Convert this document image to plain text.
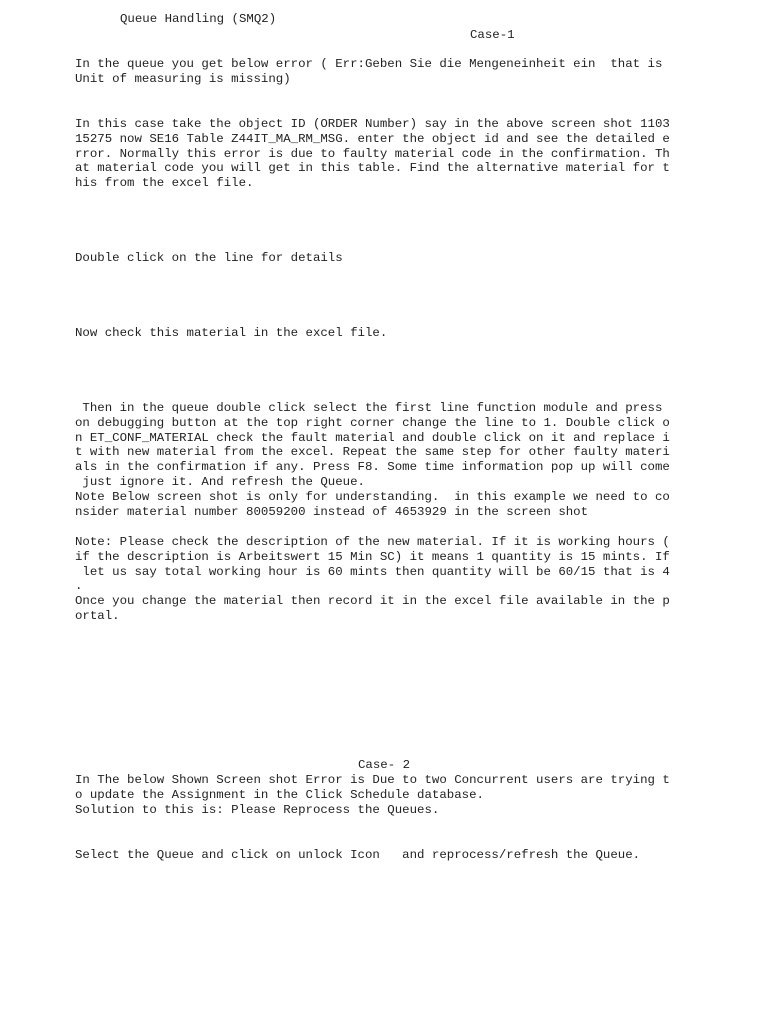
Queue Handling (SMQ2)
Case-1
In the queue you get below error ( Err:Geben Sie die Mengeneinheit ein  that is
Unit of measuring is missing)
In this case take the object ID (ORDER Number) say in the above screen shot 1103
15275 now SE16 Table Z44IT_MA_RM_MSG. enter the object id and see the detailed e
rror. Normally this error is due to faulty material code in the confirmation. Th
at material code you will get in this table. Find the alternative material for t
his from the excel file.
Double click on the line for details
Now check this material in the excel file.
Then in the queue double click select the first line function module and press
on debugging button at the top right corner change the line to 1. Double click o
n ET_CONF_MATERIAL check the fault material and double click on it and replace i
t with new material from the excel. Repeat the same step for other faulty materi
als in the confirmation if any. Press F8. Some time information pop up will come
just ignore it. And refresh the Queue.
Note Below screen shot is only for understanding.  in this example we need to co
nsider material number 80059200 instead of 4653929 in the screen shot
Note: Please check the description of the new material. If it is working hours (
if the description is Arbeitswert 15 Min SC) it means 1 quantity is 15 mints. If
let us say total working hour is 60 mints then quantity will be 60/15 that is 4
.
Once you change the material then record it in the excel file available in the p
ortal.
Case- 2
In The below Shown Screen shot Error is Due to two Concurrent users are trying t
o update the Assignment in the Click Schedule database.
Solution to this is: Please Reprocess the Queues.
Select the Queue and click on unlock Icon   and reprocess/refresh the Queue.
